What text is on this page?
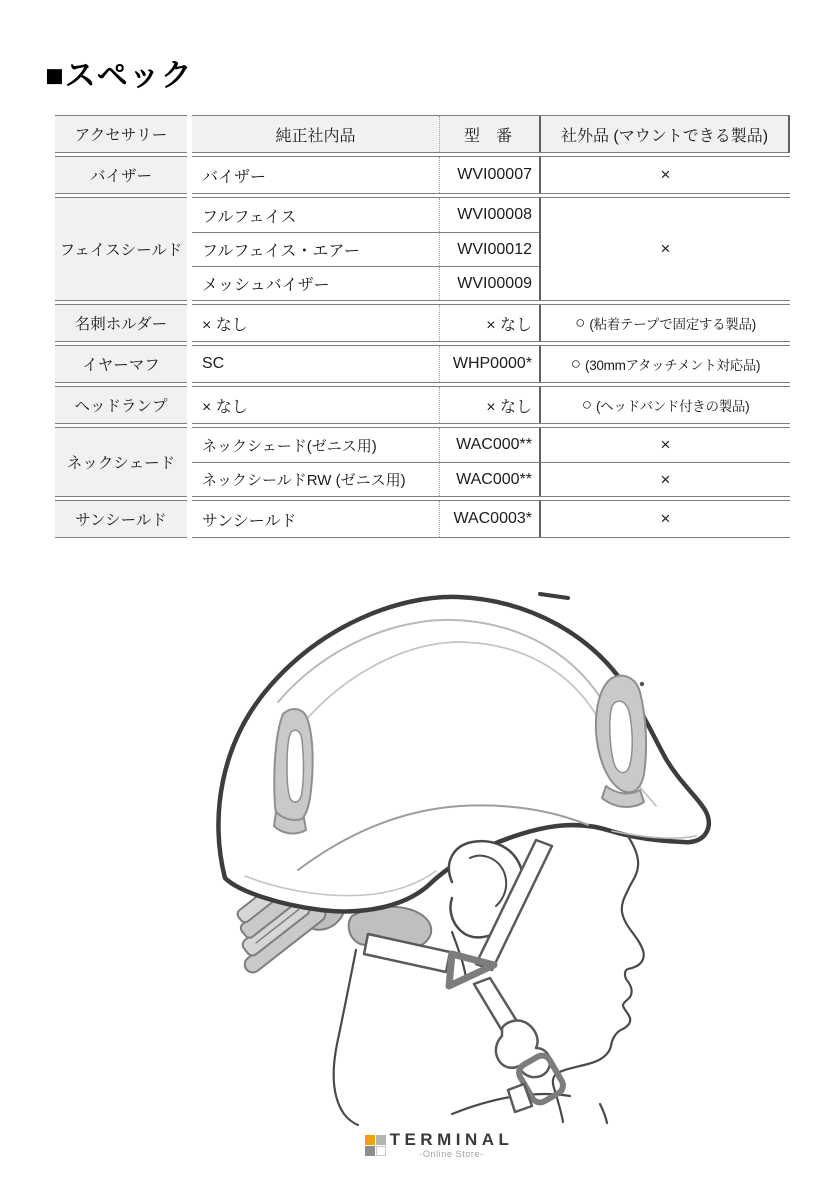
■スペック
アクセサリー	純正社内品	型　番	社外品 (マウントできる製品)
バイザー	バイザー	WVI00007	×
フェイスシールド
フルフェイス	WVI00008
フルフェイス・エアー	WVI00012
メッシュバイザー	WVI00009
×
名刺ホルダー	× なし	× なし	○ (粘着テープで固定する製品)
イヤーマフ	SC	WHP0000*	○ (30mmアタッチメント対応品)
ヘッドランプ	× なし	× なし	○ (ヘッドバンド付きの製品)
ネックシェード
ネックシェード(ゼニス用)	WAC000**	×
ネックシールドRW (ゼニス用)	WAC000**	×
サンシールド	サンシールド	WAC0003*	×
TERMINAL
-Online Store-
